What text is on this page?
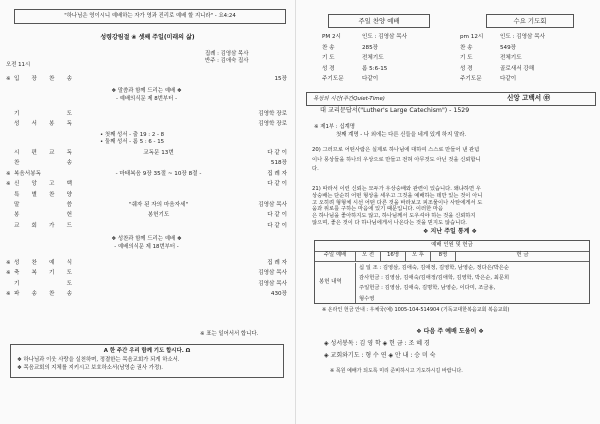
"하나님은 영이시니 예배하는 자가 영과 진리로 예배 할 지니라" - 요4:24
성령강림절 ❀ 셋째 주일(미래의 삶)
집례 : 김영삼 목사
반주 : 김애숙 집사
오전 11시
※ 입 장 찬 송	15장
❖ 말씀과 함께 드리는 예배 ❖
- 예배의식문 제 8번부터 -
기 도	김영학 장로
성 서 봉 독	김영학 장로
• 첫째 성서 - 출 19 : 2 - 8
• 둘째 성서 - 롬 5 : 6 - 15
시 편 교 독	교독문 13번	다 같 이
찬 송	518장
※ 복음서봉독	- 마태복음 9장 35절 ~ 10장 8절 -	집 례 자
※ 신 앙 고 백	다 같 이
특 별 찬 양
말 씀	"쉐자 된 자의 마음자세"	김영삼 목사
봉 헌	봉헌기도	다 같 이
교 회 가 드	다 같 이
❖ 성찬과 함께 드리는 예배 ❖
- 예배의식문 제 18번부터 -
※ 성 찬 예 식	집 례 자
※ 축 복 기 도	김영삼 목사
기 도	김영삼 목사
※ 파 송 찬 송	430장
※ 표는 일어서서 합니다.
A 한 주간 우리 함께 기도 합시다. Ω
❖ 하나님과 이웃 사랑을 실천하며, 정결한는 목음교회가 되게 하소서.
❖ 목음교회의 지체를 지키시고 보호하소서(남영순 권사 가정).
주일 찬양 예배	수요 기도회
PM 2시	인도 : 김영삼 목사
찬 송	285장
기 도	전체기도
성 경	롬 5:6-15
주기도문	다같이
pm 12시	인도 : 김영삼 목사
찬 송	549장
기 도	전체기도
성 경	골로새서 강해
주기도문	다같이
목상의 시간(주간Quiet-Time)	신앙 고백서 ㊥
대 교리문답서("Luther's Large Catechism") - 1529
※ 제1부 : 십계명
첫째 계명 - 나 외에는 다른 신들을 네게 있게 하지 말라.
20) 그러므로 어떤사람은 실제로 하나님에 대하여 스스로 만들어 낸 관념
이나 몽상들을 하나의 우상으로 만들고 전혀 아무것도 아닌 것을 신뢰합니
다.
21) 따라서 이런 신뢰는 모두가 우상숭배와 관련이 있습니다. 왜냐하면 우
상숭배는 단순히 어떤 형상을 세우고 그것을 예배하는 데만 있는 것이 아니
고 오히려 형형체 시선 어떤 다른 것을 바라보고 피조물이나 사탄에게서 도
움과 위로를 구하는 마음에 있기 때문입니다. 이러한 마음
은 하나님을 좋아하지도 않고, 하나님께서 도우셔야 하는 것을 신뢰하지
않으며, 좋은 것이 다 하나님에게서 나온다는 것을 믿지도 않습니다.
❖ 지난 주일 통계 ❖
예배 인원 및 헌금
주일 예배	오 전	16명	오 후	8명	헌 금
봉헌 내역
십 일 조 : 김영삼, 김애숙, 김애정, 김영학, 남영순, 정다은/박은순
감사헌금 : 김영삼, 김애숙/김애정/김애학, 김영학, 박은순, 최문희
주일헌금 : 김영삼, 김애숙, 김명학, 남영순, 이다미, 조금용,
형수영
※ 온라인 헌금 안내 : 우체국(예) 1005-104-514904 (기독교대한복음교회 복음교회)
❖ 다음 주 예배 도움이 ❖
◈ 성서봉독 : 김 영 학 ◈ 헌 금 : 조 혜 경
◈ 교회와기도 : 형 수 연 ◈ 안 내 : 승 미 숙
※ 목원 예배가 되도록 미리 준비하시고 기도하시길 바랍니다.
